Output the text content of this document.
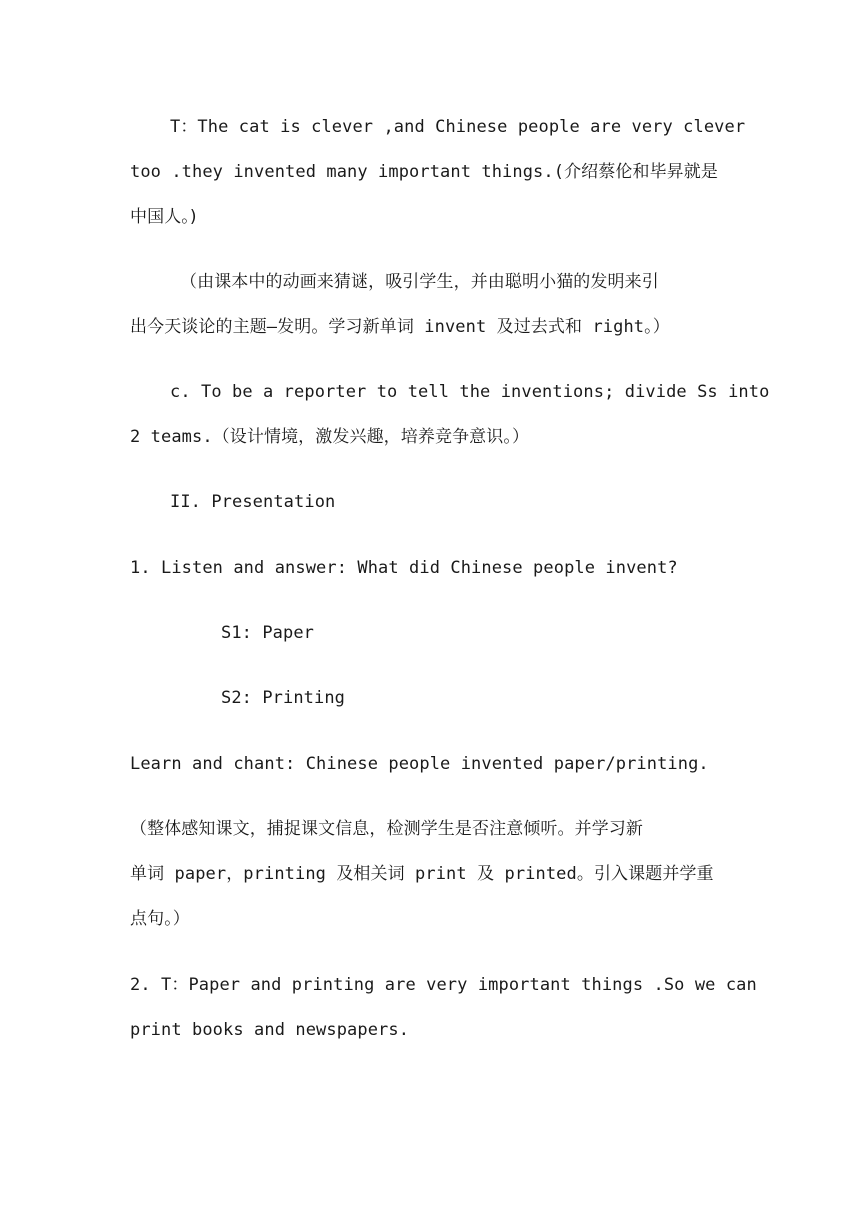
T：The cat is clever ,and Chinese people are very clever
too .they invented many important things.(介绍蔡伦和毕昇就是
中国人。)
（由课本中的动画来猜谜，吸引学生，并由聪明小猫的发明来引
出今天谈论的主题—发明。学习新单词 invent 及过去式和 right。）
c. To be a reporter to tell the inventions; divide Ss into
2 teams.（设计情境，激发兴趣，培养竞争意识。）
II. Presentation
1. Listen and answer: What did Chinese people invent?
S1: Paper
S2: Printing
Learn and chant: Chinese people invented paper/printing.
（整体感知课文，捕捉课文信息，检测学生是否注意倾听。并学习新
单词 paper，printing 及相关词 print 及 printed。引入课题并学重
点句。）
2. T：Paper and printing are very important things .So we can
print books and newspapers.
